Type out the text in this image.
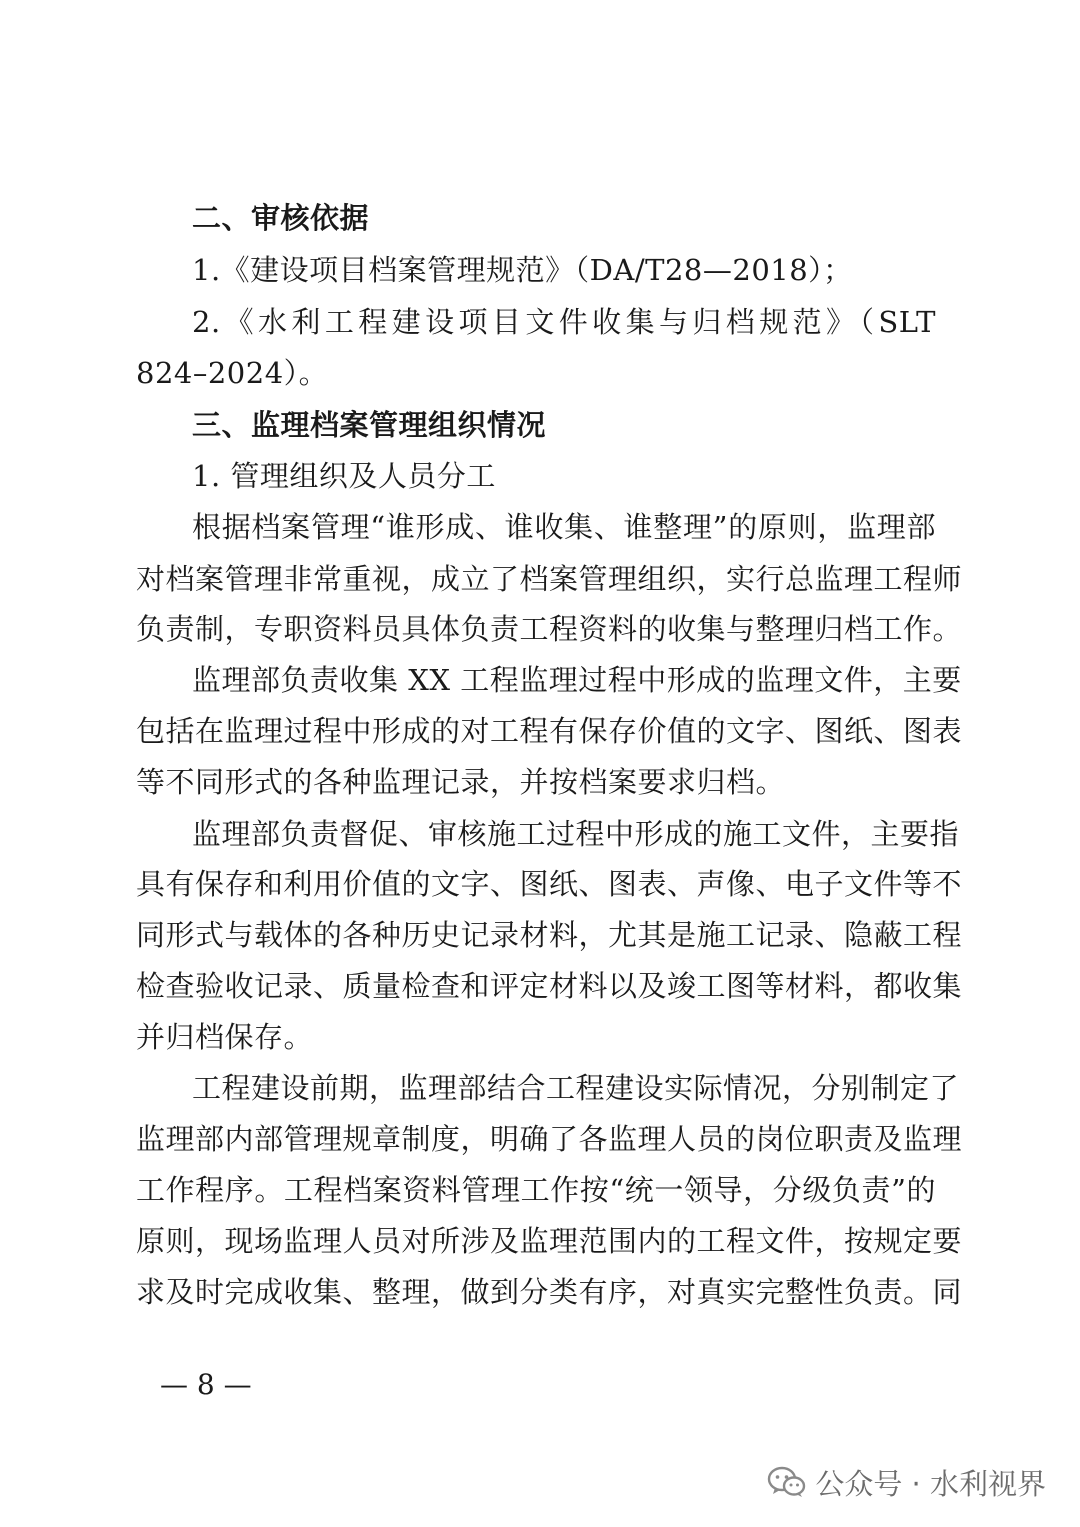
二、审核依据
1.《建设项目档案管理规范》（DA/T28—2018）；
2.《水利工程建设项目文件收集与归档规范》（SLT
824–2024）。
三、监理档案管理组织情况
1. 管理组织及人员分工
根据档案管理“谁形成、谁收集、谁整理”的原则，监理部
对档案管理非常重视，成立了档案管理组织，实行总监理工程师
负责制，专职资料员具体负责工程资料的收集与整理归档工作。
监理部负责收集 XX 工程监理过程中形成的监理文件，主要
包括在监理过程中形成的对工程有保存价值的文字、图纸、图表
等不同形式的各种监理记录，并按档案要求归档。
监理部负责督促、审核施工过程中形成的施工文件，主要指
具有保存和利用价值的文字、图纸、图表、声像、电子文件等不
同形式与载体的各种历史记录材料，尤其是施工记录、隐蔽工程
检查验收记录、质量检查和评定材料以及竣工图等材料，都收集
并归档保存。
工程建设前期，监理部结合工程建设实际情况，分别制定了
监理部内部管理规章制度，明确了各监理人员的岗位职责及监理
工作程序。工程档案资料管理工作按“统一领导，分级负责”的
原则，现场监理人员对所涉及监理范围内的工程文件，按规定要
求及时完成收集、整理，做到分类有序，对真实完整性负责。同
— 8 —
公众号 · 水利视界
